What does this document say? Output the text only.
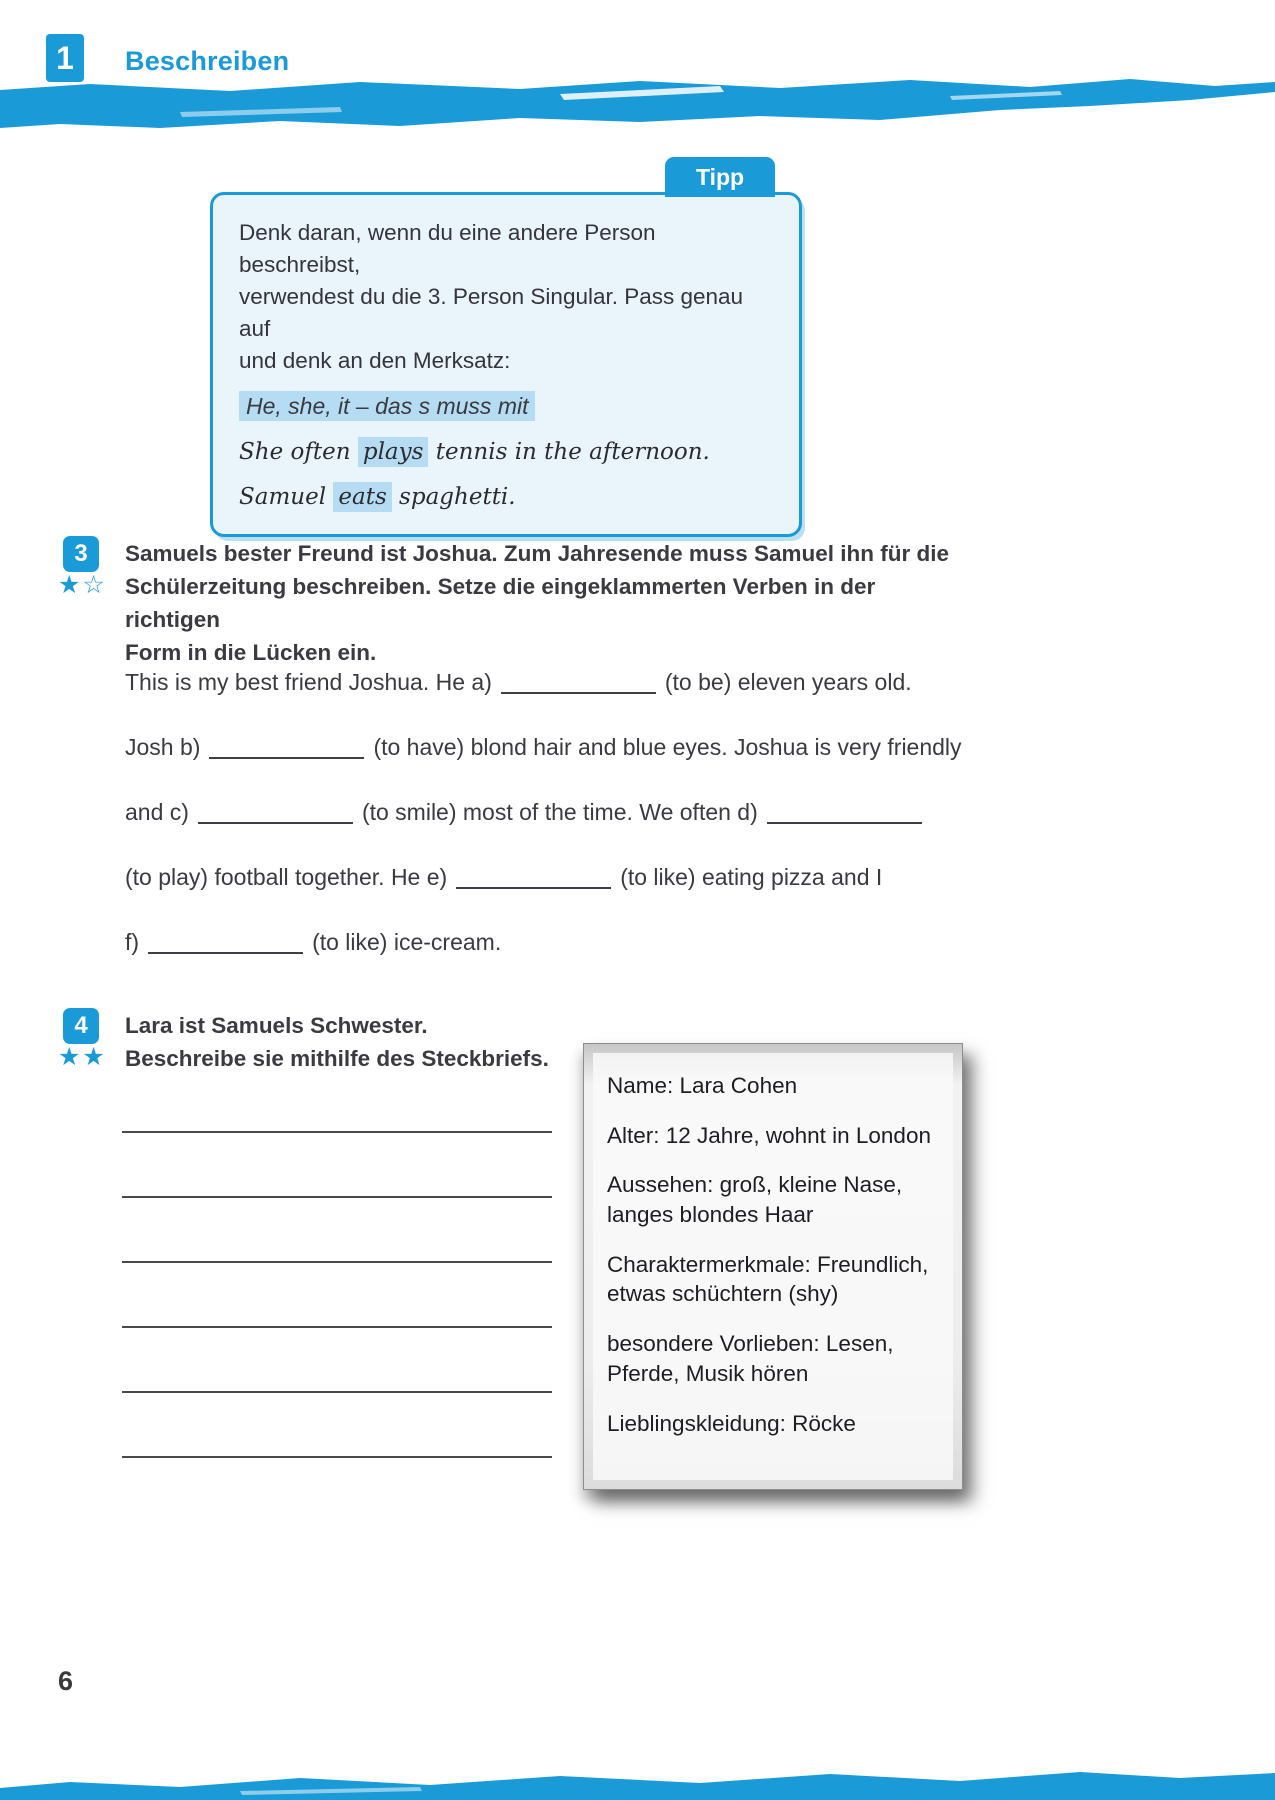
1	Beschreiben
Tipp
Denk daran, wenn du eine andere Person beschreibst,
verwendest du die 3. Person Singular. Pass genau auf
und denk an den Merksatz:
He, she, it – das s muss mit
She often plays tennis in the afternoon.
Samuel eats spaghetti.
3
★☆
Samuels bester Freund ist Joshua. Zum Jahresende muss Samuel ihn für die
Schülerzeitung beschreiben. Setze die eingeklammerten Verben in der richtigen
Form in die Lücken ein.
This is my best friend Joshua. He a)	(to be) eleven years old.
Josh b)	(to have) blond hair and blue eyes. Joshua is very friendly
and c)	(to smile) most of the time. We often d)
(to play) football together. He e)	(to like) eating pizza and I
f)	(to like) ice-cream.
4
★★
Lara ist Samuels Schwester.
Beschreibe sie mithilfe des Steckbriefs.
Name: Lara Cohen
Alter: 12 Jahre, wohnt in London
Aussehen: groß, kleine Nase, langes blondes Haar
Charaktermerkmale: Freundlich, etwas schüchtern (shy)
besondere Vorlieben: Lesen, Pferde, Musik hören
Lieblingskleidung: Röcke
6
